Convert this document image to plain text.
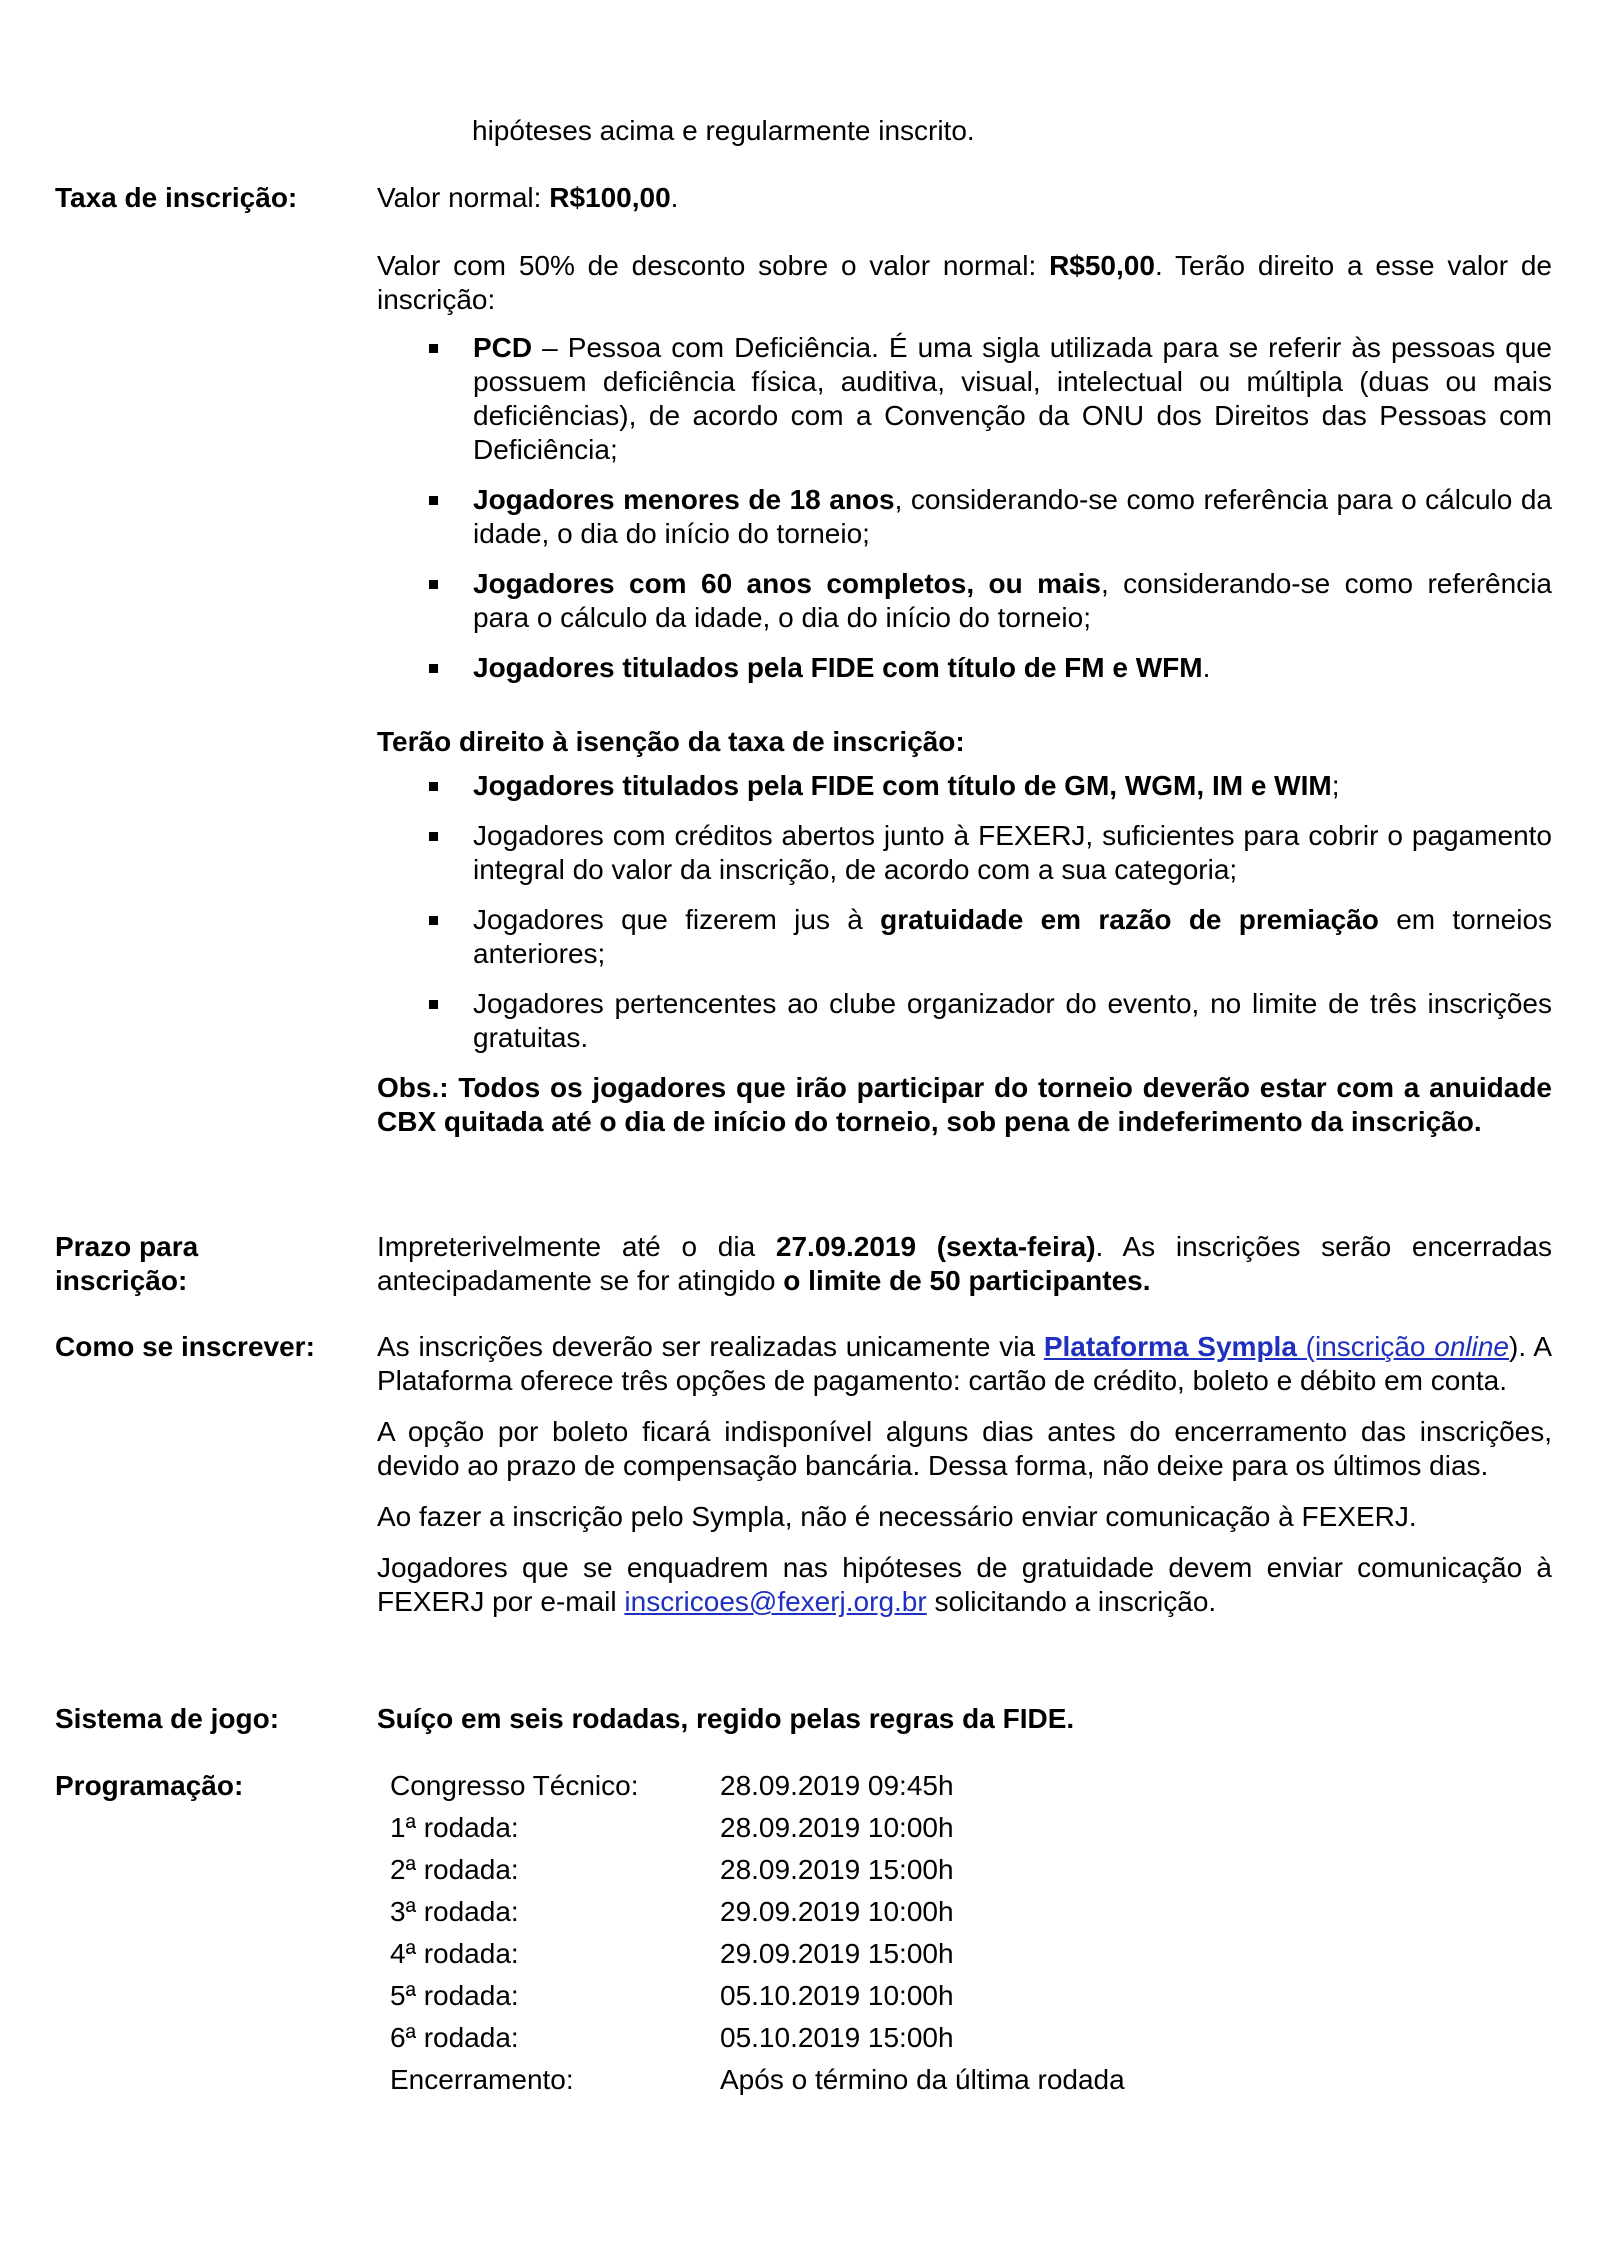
hipóteses acima e regularmente inscrito.
Taxa de inscrição:	Valor normal: R$100,00.

Valor com 50% de desconto sobre o valor normal: R$50,00. Terão direito a esse valor de inscrição:

PCD – Pessoa com Deficiência. É uma sigla utilizada para se referir às pessoas que possuem deficiência física, auditiva, visual, intelectual ou múltipla (duas ou mais deficiências), de acordo com a Convenção da ONU dos Direitos das Pessoas com Deficiência;
Jogadores menores de 18 anos, considerando-se como referência para o cálculo da idade, o dia do início do torneio;
Jogadores com 60 anos completos, ou mais, considerando-se como referência para o cálculo da idade, o dia do início do torneio;
Jogadores titulados pela FIDE com título de FM e WFM.

Terão direito à isenção da taxa de inscrição:

Jogadores titulados pela FIDE com título de GM, WGM, IM e WIM;
Jogadores com créditos abertos junto à FEXERJ, suficientes para cobrir o pagamento integral do valor da inscrição, de acordo com a sua categoria;
Jogadores que fizerem jus à gratuidade em razão de premiação em torneios anteriores;
Jogadores pertencentes ao clube organizador do evento, no limite de três inscrições gratuitas.

Obs.: Todos os jogadores que irão participar do torneio deverão estar com a anuidade CBX quitada até o dia de início do torneio, sob pena de indeferimento da inscrição.

Prazo para
inscrição:

Impreterivelmente até o dia 27.09.2019 (sexta-feira). As inscrições serão encerradas antecipadamente se for atingido o limite de 50 participantes.

Como se inscrever:	As inscrições deverão ser realizadas unicamente via Plataforma Sympla (inscrição online). A Plataforma oferece três opções de pagamento: cartão de crédito, boleto e débito em conta.

A opção por boleto ficará indisponível alguns dias antes do encerramento das inscrições, devido ao prazo de compensação bancária. Dessa forma, não deixe para os últimos dias.

Ao fazer a inscrição pelo Sympla, não é necessário enviar comunicação à FEXERJ.

Jogadores que se enquadrem nas hipóteses de gratuidade devem enviar comunicação à FEXERJ por e-mail inscricoes@fexerj.org.br solicitando a inscrição.

Sistema de jogo:	Suíço em seis rodadas, regido pelas regras da FIDE.
Programação:	Congresso Técnico:	28.09.2019 09:45h
1ª rodada:	28.09.2019 10:00h
2ª rodada:	28.09.2019 15:00h
3ª rodada:	29.09.2019 10:00h
4ª rodada:	29.09.2019 15:00h
5ª rodada:	05.10.2019 10:00h
6ª rodada:	05.10.2019 15:00h
Encerramento:	Após o término da última rodada
